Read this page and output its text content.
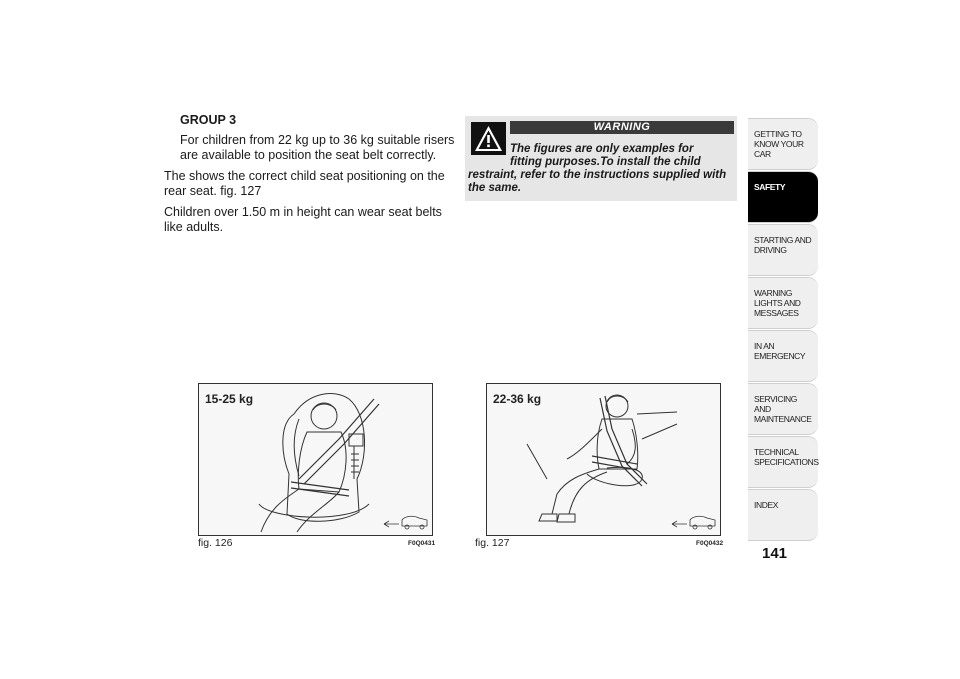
GROUP 3
For children from 22 kg up to 36 kg suitable risers are available to position the seat belt correctly.
The shows the correct child seat positioning on the rear seat. fig. 127
Children over 1.50 m in height can wear seat belts like adults.
WARNING
The figures are only examples for
fitting purposes.To install the child
restraint, refer to the instructions supplied with the same.
15-25 kg
fig. 126	F0Q0431
22-36 kg
fig. 127	F0Q0432
GETTING TO KNOW YOUR CAR
SAFETY
STARTING AND DRIVING
WARNING LIGHTS AND MESSAGES
IN AN EMERGENCY
SERVICING AND MAINTENANCE
TECHNICAL SPECIFICATIONS
INDEX
141
